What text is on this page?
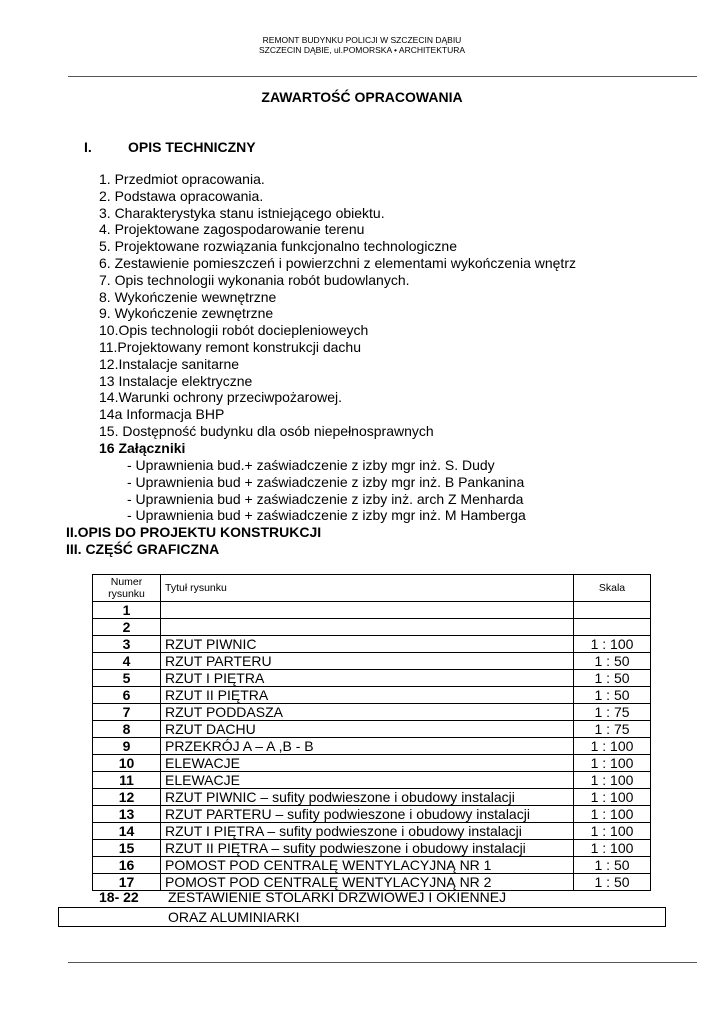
REMONT BUDYNKU POLICJI W SZCZECIN DĄBIU
SZCZECIN DĄBIE, ul.POMORSKA • ARCHITEKTURA
ZAWARTOŚĆ OPRACOWANIA
I.	OPIS TECHNICZNY
1. Przedmiot opracowania.
2. Podstawa opracowania.
3. Charakterystyka stanu istniejącego obiektu.
4. Projektowane zagospodarowanie terenu
5. Projektowane rozwiązania funkcjonalno technologiczne
6. Zestawienie pomieszczeń i powierzchni z elementami wykończenia wnętrz
7. Opis technologii wykonania robót budowlanych.
8. Wykończenie wewnętrzne
9. Wykończenie zewnętrzne
10.Opis technologii robót docieplenioweych
11.Projektowany remont konstrukcji dachu
12.Instalacje sanitarne
13 Instalacje elektryczne
14.Warunki ochrony przeciwpożarowej.
14a Informacja BHP
15. Dostępność budynku dla osób niepełnosprawnych
16 Załączniki
- Uprawnienia bud.+ zaświadczenie z izby mgr inż. S. Dudy
- Uprawnienia bud + zaświadczenie z izby mgr inż. B Pankanina
- Uprawnienia bud + zaświadczenie z izby inż. arch Z Menharda
- Uprawnienia bud + zaświadczenie z izby mgr inż. M Hamberga
II.OPIS DO PROJEKTU KONSTRUKCJI
III. CZĘŚĆ GRAFICZNA
Numer rysunku	Tytuł rysunku	Skala
1		
2		
3	RZUT PIWNIC	1 : 100
4	RZUT PARTERU	1 : 50
5	RZUT I PIĘTRA	1 : 50
6	RZUT II PIĘTRA	1 : 50
7	RZUT PODDASZA	1 : 75
8	RZUT DACHU	1 : 75
9	PRZEKRÓJ A – A ,B - B	1 : 100
10	ELEWACJE	1 : 100
11	ELEWACJE	1 : 100
12	RZUT PIWNIC – sufity podwieszone i obudowy instalacji	1 : 100
13	RZUT PARTERU – sufity podwieszone i obudowy instalacji	1 : 100
14	RZUT I PIĘTRA – sufity podwieszone i obudowy instalacji	1 : 100
15	RZUT II PIĘTRA – sufity podwieszone i obudowy instalacji	1 : 100
16	POMOST POD CENTRALĘ WENTYLACYJNĄ NR 1	1 : 50
17	POMOST POD CENTRALĘ WENTYLACYJNĄ NR 2	1 : 50
18- 22 ZESTAWIENIE STOLARKI DRZWIOWEJ I OKIENNEJ
ORAZ ALUMINIARKI
